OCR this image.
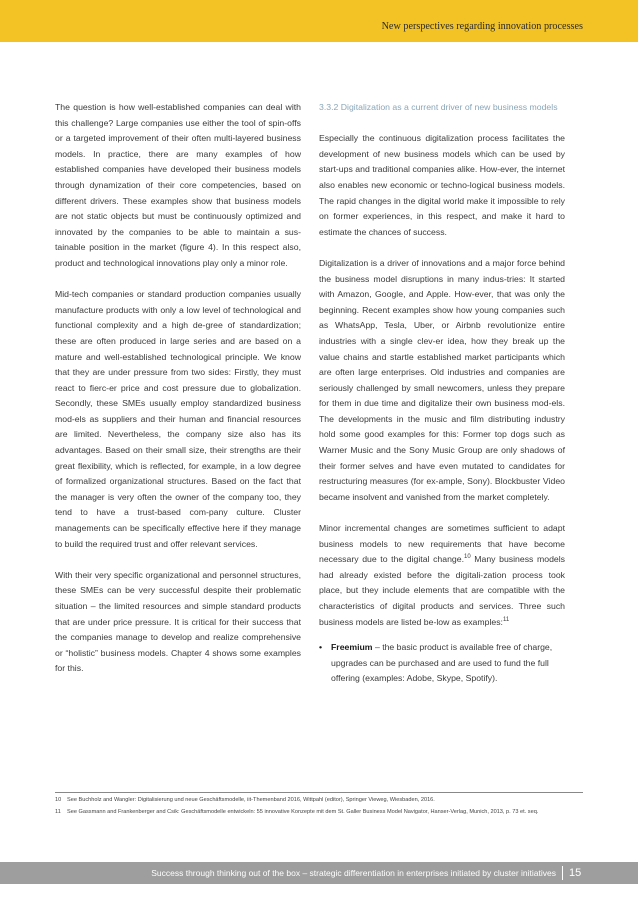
New perspectives regarding innovation processes

The question is how well-established companies can deal with this challenge? Large companies use either the tool of spin-offs or a targeted improvement of their often multi-layered business models. In practice, there are many examples of how established companies have developed their business models through dynamization of their core competencies, based on different drivers. These examples show that business models are not static objects but must be continuously optimized and innovated by the companies to be able to maintain a sus-tainable position in the market (figure 4). In this respect also, product and technological innovations play only a minor role.

Mid-tech companies or standard production companies usually manufacture products with only a low level of technological and functional complexity and a high de-gree of standardization; these are often produced in large series and are based on a mature and well-established technological principle. We know that they are under pressure from two sides: Firstly, they must react to fierc-er price and cost pressure due to globalization. Secondly, these SMEs usually employ standardized business mod-els as suppliers and their human and financial resources are limited. Nevertheless, the company size also has its advantages. Based on their small size, their strengths are their great flexibility, which is reflected, for example, in a low degree of formalized organizational structures. Based on the fact that the manager is very often the owner of the company too, they tend to have a trust-based com-pany culture. Cluster managements can be specifically effective here if they manage to build the required trust and offer relevant services.

With their very specific organizational and personnel structures, these SMEs can be very successful despite their problematic situation – the limited resources and simple standard products that are under price pressure. It is critical for their success that the companies manage to develop and realize comprehensive or “holistic” business models. Chapter 4 shows some examples for this.

3.3.2 Digitalization as a current driver of new business models

Especially the continuous digitalization process facilitates the development of new business models which can be used by start-ups and traditional companies alike. How-ever, the internet also enables new economic or techno-logical business models. The rapid changes in the digital world make it impossible to rely on former experiences, in this respect, and make it hard to estimate the chances of success.

Digitalization is a driver of innovations and a major force behind the business model disruptions in many indus-tries: It started with Amazon, Google, and Apple. How-ever, that was only the beginning. Recent examples show how young companies such as WhatsApp, Tesla, Uber, or Airbnb revolutionize entire industries with a single clev-er idea, how they break up the value chains and startle established market participants which are often large enterprises. Old industries and companies are seriously challenged by small newcomers, unless they prepare for them in due time and digitalize their own business mod-els. The developments in the music and film distributing industry hold some good examples for this: Former top dogs such as Warner Music and the Sony Music Group are only shadows of their former selves and have even mutated to candidates for restructuring measures (for ex-ample, Sony). Blockbuster Video became insolvent and vanished from the market completely.

Minor incremental changes are sometimes sufficient to adapt business models to new requirements that have become necessary due to the digital change.$^{10}$ Many business models had already existed before the digitali-zation process took place, but they include elements that are compatible with the characteristics of digital products and services. Three such business models are listed be-low as examples:$^{11}$

•	Freemium – the basic product is available free of charge, upgrades can be purchased and are used to fund the full offering (examples: Adobe, Skype, Spotify).
10	See Buchholz and Wangler: Digitalisierung und neue Geschäftsmodelle, iit-Themenband 2016, Wittpahl (editor), Springer Vieweg, Wiesbaden, 2016.
11	See Gassmann and Frankenberger and Csik: Geschäftsmodelle entwickeln: 55 innovative Konzepte mit dem St. Galler Business Model Navigator, Hanser-Verlag, Munich, 2013, p. 73 et. seq.
Success through thinking out of the box – strategic differentiation in enterprises initiated by cluster initiatives 15
